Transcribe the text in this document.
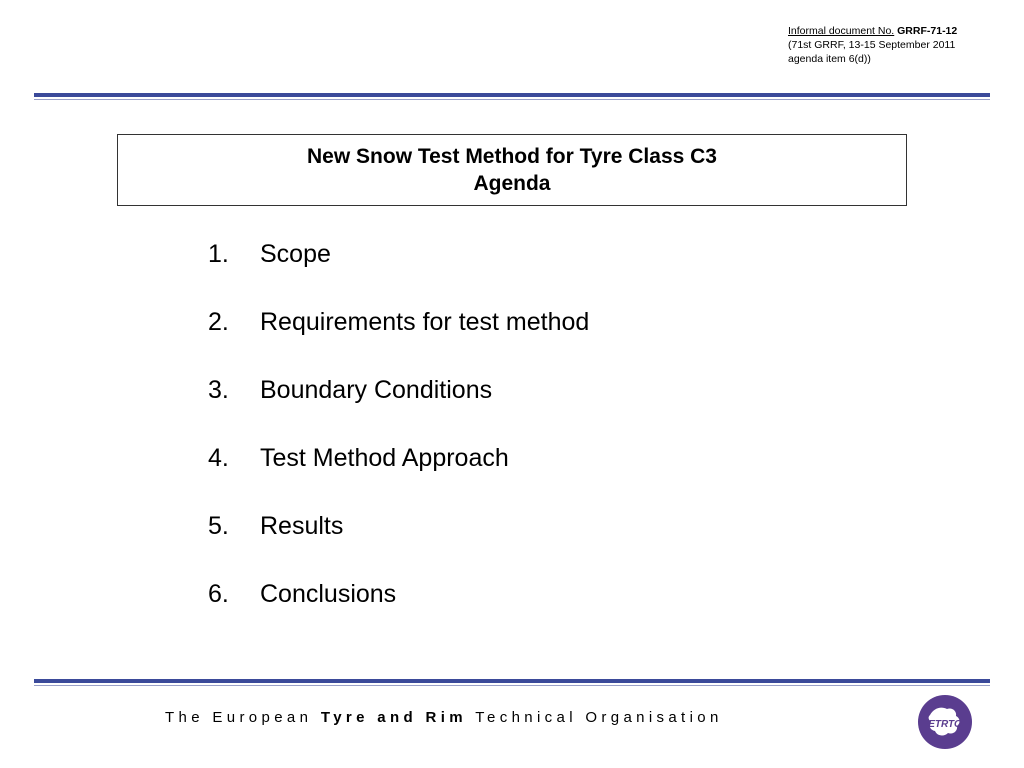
Informal document No. GRRF-71-12
(71st GRRF, 13-15 September 2011
agenda item 6(d))
New Snow Test Method for Tyre Class C3
Agenda
1.	Scope
2.	Requirements for test method
3.	Boundary Conditions
4.	Test Method Approach
5.	Results
6.	Conclusions
The European Tyre and Rim Technical Organisation	ETRTO
